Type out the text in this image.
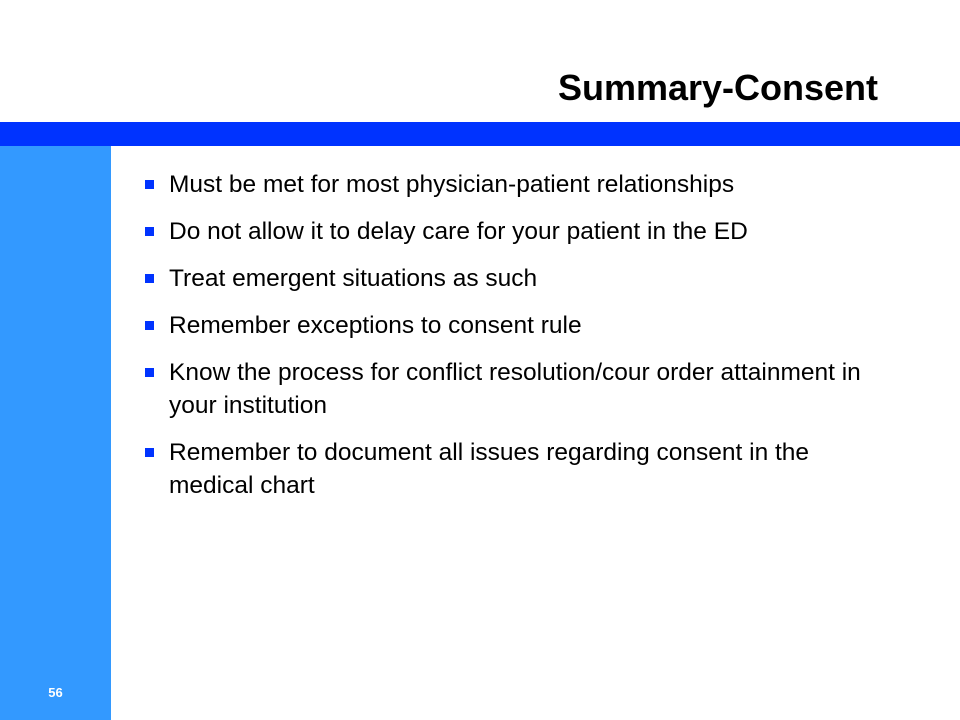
Summary-Consent
56
Must be met for most physician-patient relationships
Do not allow it to delay care for your patient in the ED
Treat emergent situations as such
Remember exceptions to consent rule
Know the process for conflict resolution/cour order attainment in your institution
Remember to document all issues regarding consent in the medical chart
